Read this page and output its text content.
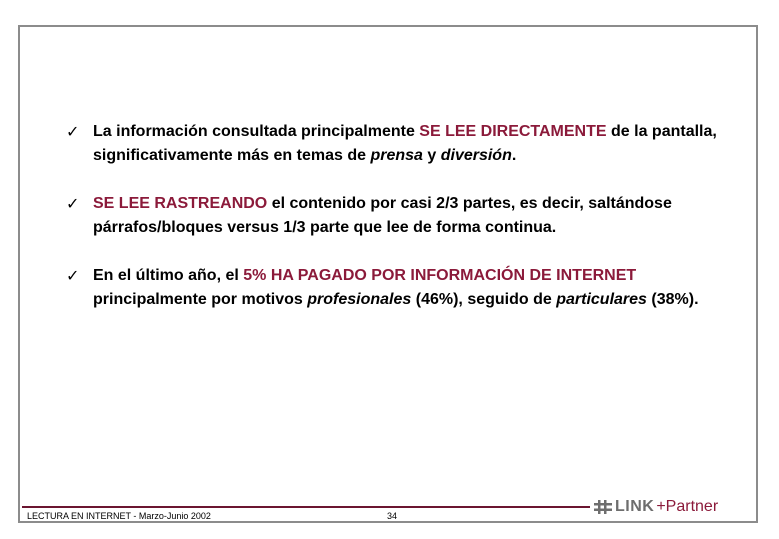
✓ La información consultada principalmente SE LEE DIRECTAMENTE de la pantalla, significativamente más en temas de prensa y diversión.
✓ SE LEE RASTREANDO el contenido por casi 2/3 partes, es decir, saltándose párrafos/bloques versus 1/3 parte que lee de forma continua.
✓ En el último año, el 5% HA PAGADO POR INFORMACIÓN DE INTERNET principalmente por motivos profesionales (46%), seguido de particulares (38%).
LECTURA EN INTERNET - Marzo-Junio 2002	34
LINK +Partner
